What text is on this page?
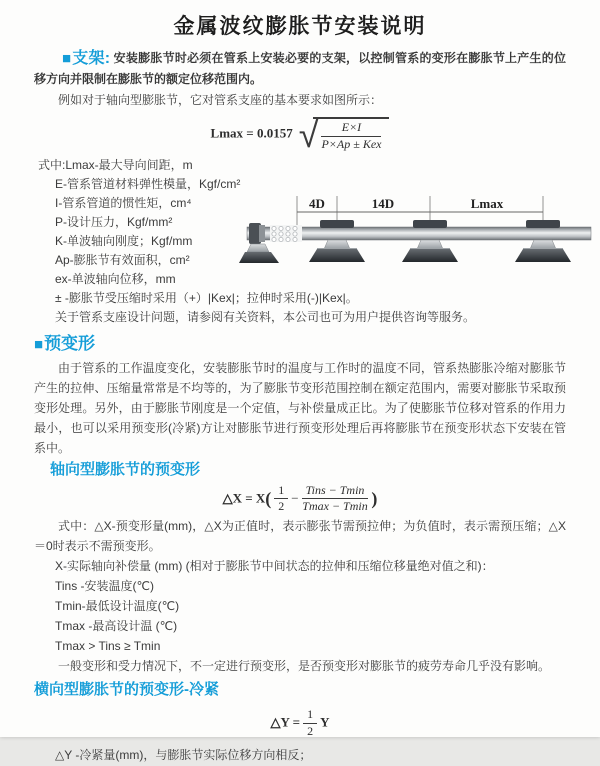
金属波纹膨胀节安装说明

■支架: 安装膨胀节时必须在管系上安装必要的支架，以控制管系的变形在膨胀节上产生的位移方向并限制在膨胀节的额定位移范围内。

例如对于轴向型膨胀节，它对管系支座的基本要求如图所示：

Lmax = 0.0157 √ $\frac{E\times I}{\text{P×Ap ± Kex}}$
式中:Lmax-最大导向间距，m
E-管系管道材料弹性模量，Kgf/cm²
I-管系管道的惯性矩，cm⁴
P-设计压力，Kgf/mm²
K-单波轴向刚度；Kgf/mm
Ap-膨胀节有效面积，cm²
ex-单波轴向位移，mm
± -膨胀节受压缩时采用（+）|Kex|；拉伸时采用(-)|Kex|。
关于管系支座设计问题，请参阅有关资料，本公司也可为用户提供咨询等服务。
4D	14D	Lmax
■预变形

由于管系的工作温度变化，安装膨胀节时的温度与工作时的温度不同，管系热膨胀冷缩对膨胀节产生的拉伸、压缩量常常是不均等的，为了膨胀节变形范围控制在额定范围内，需要对膨胀节采取预变形处理。另外，由于膨胀节刚度是一个定值，与补偿量成正比。为了使膨胀节位移对管系的作用力最小，也可以采用预变形(冷紧)方让对膨胀节进行预变形处理后再将膨胀节在预变形状态下安装在管系中。

轴向型膨胀节的预变形
△X = $X( \frac{1}{2} - \frac{\text{Tins − Tmin}}{Tmax - Tmin}$ )

式中：△X-预变形量(mm)，△X为正值时，表示膨张节需预拉伸；为负值时，表示需预压缩；△X＝0时表示不需预变形。

X-实际轴向补偿量 (mm) (相对于膨胀节中间状态的拉伸和压缩位移量绝对值之和)：
Tins -安装温度(℃)
Tmin-最低设计温度(℃)
Tmax -最高设计温 (℃)
Tmax > Tins ≥ Tmin

一般变形和受力情况下，不一定进行预变形，是否预变形对膨胀节的疲劳寿命几乎没有影响。

横向型膨胀节的预变形-冷紧
△Y = $\frac{1}{2}$ Y

△Y -冷紧量(mm)，与膨胀节实际位移方向相反；
